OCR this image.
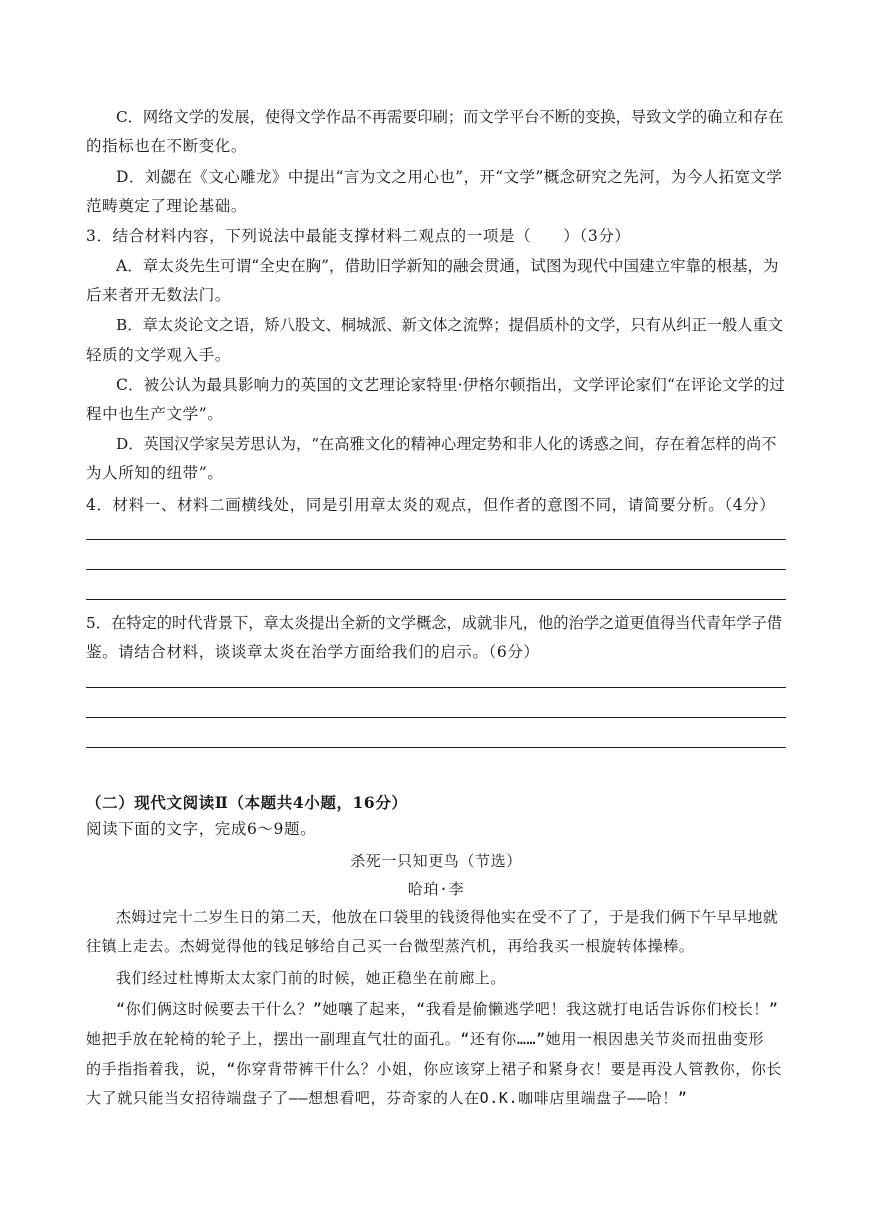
C．网络文学的发展，使得文学作品不再需要印刷；而文学平台不断的变换，导致文学的确立和存在
的指标也在不断变化。
D．刘勰在《文心雕龙》中提出“言为文之用心也”，开“文学”概念研究之先河，为今人拓宽文学
范畴奠定了理论基础。
3．结合材料内容，下列说法中最能支撑材料二观点的一项是（　　）（3分）
A．章太炎先生可谓“全史在胸”，借助旧学新知的融会贯通，试图为现代中国建立牢靠的根基，为
后来者开无数法门。
B．章太炎论文之语，矫八股文、桐城派、新文体之流弊；提倡质朴的文学，只有从纠正一般人重文
轻质的文学观入手。
C．被公认为最具影响力的英国的文艺理论家特里·伊格尔顿指出，文学评论家们“在评论文学的过
程中也生产文学”。
D．英国汉学家吴芳思认为，“在高雅文化的精神心理定势和非人化的诱惑之间，存在着怎样的尚不
为人所知的纽带”。
4．材料一、材料二画横线处，同是引用章太炎的观点，但作者的意图不同，请简要分析。（4分）
5．在特定的时代背景下，章太炎提出全新的文学概念，成就非凡，他的治学之道更值得当代青年学子借
鉴。请结合材料，谈谈章太炎在治学方面给我们的启示。（6分）
（二）现代文阅读Ⅱ（本题共4小题，16分）
阅读下面的文字，完成6～9题。
杀死一只知更鸟（节选）
哈珀·李
杰姆过完十二岁生日的第二天，他放在口袋里的钱烫得他实在受不了了，于是我们俩下午早早地就
往镇上走去。杰姆觉得他的钱足够给自己买一台微型蒸汽机，再给我买一根旋转体操棒。
我们经过杜博斯太太家门前的时候，她正稳坐在前廊上。
“你们俩这时候要去干什么？”她嚷了起来，“我看是偷懒逃学吧！我这就打电话告诉你们校长！”
她把手放在轮椅的轮子上，摆出一副理直气壮的面孔。“还有你……”她用一根因患关节炎而扭曲变形
的手指指着我，说，“你穿背带裤干什么？小姐，你应该穿上裙子和紧身衣！要是再没人管教你，你长
大了就只能当女招待端盘子了——想想看吧，芬奇家的人在O.K.咖啡店里端盘子——哈！”
